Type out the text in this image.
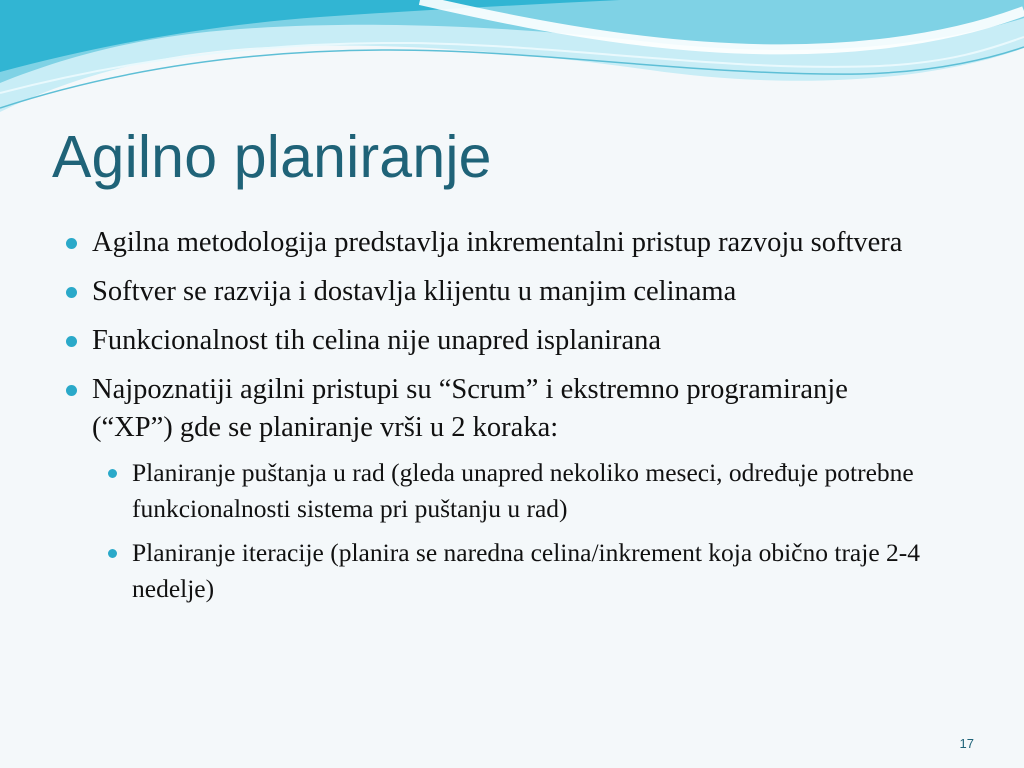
Agilno planiranje
Agilna metodologija predstavlja inkrementalni pristup razvoju softvera
Softver se razvija i dostavlja klijentu u manjim celinama
Funkcionalnost tih celina nije unapred isplanirana
Najpoznatiji agilni pristupi su “Scrum” i ekstremno programiranje (“XP”) gde se planiranje vrši u 2 koraka:
Planiranje puštanja u rad (gleda unapred nekoliko meseci, određuje potrebne funkcionalnosti sistema pri puštanju u rad)
Planiranje iteracije (planira se naredna celina/inkrement koja obično traje 2-4 nedelje)
17
